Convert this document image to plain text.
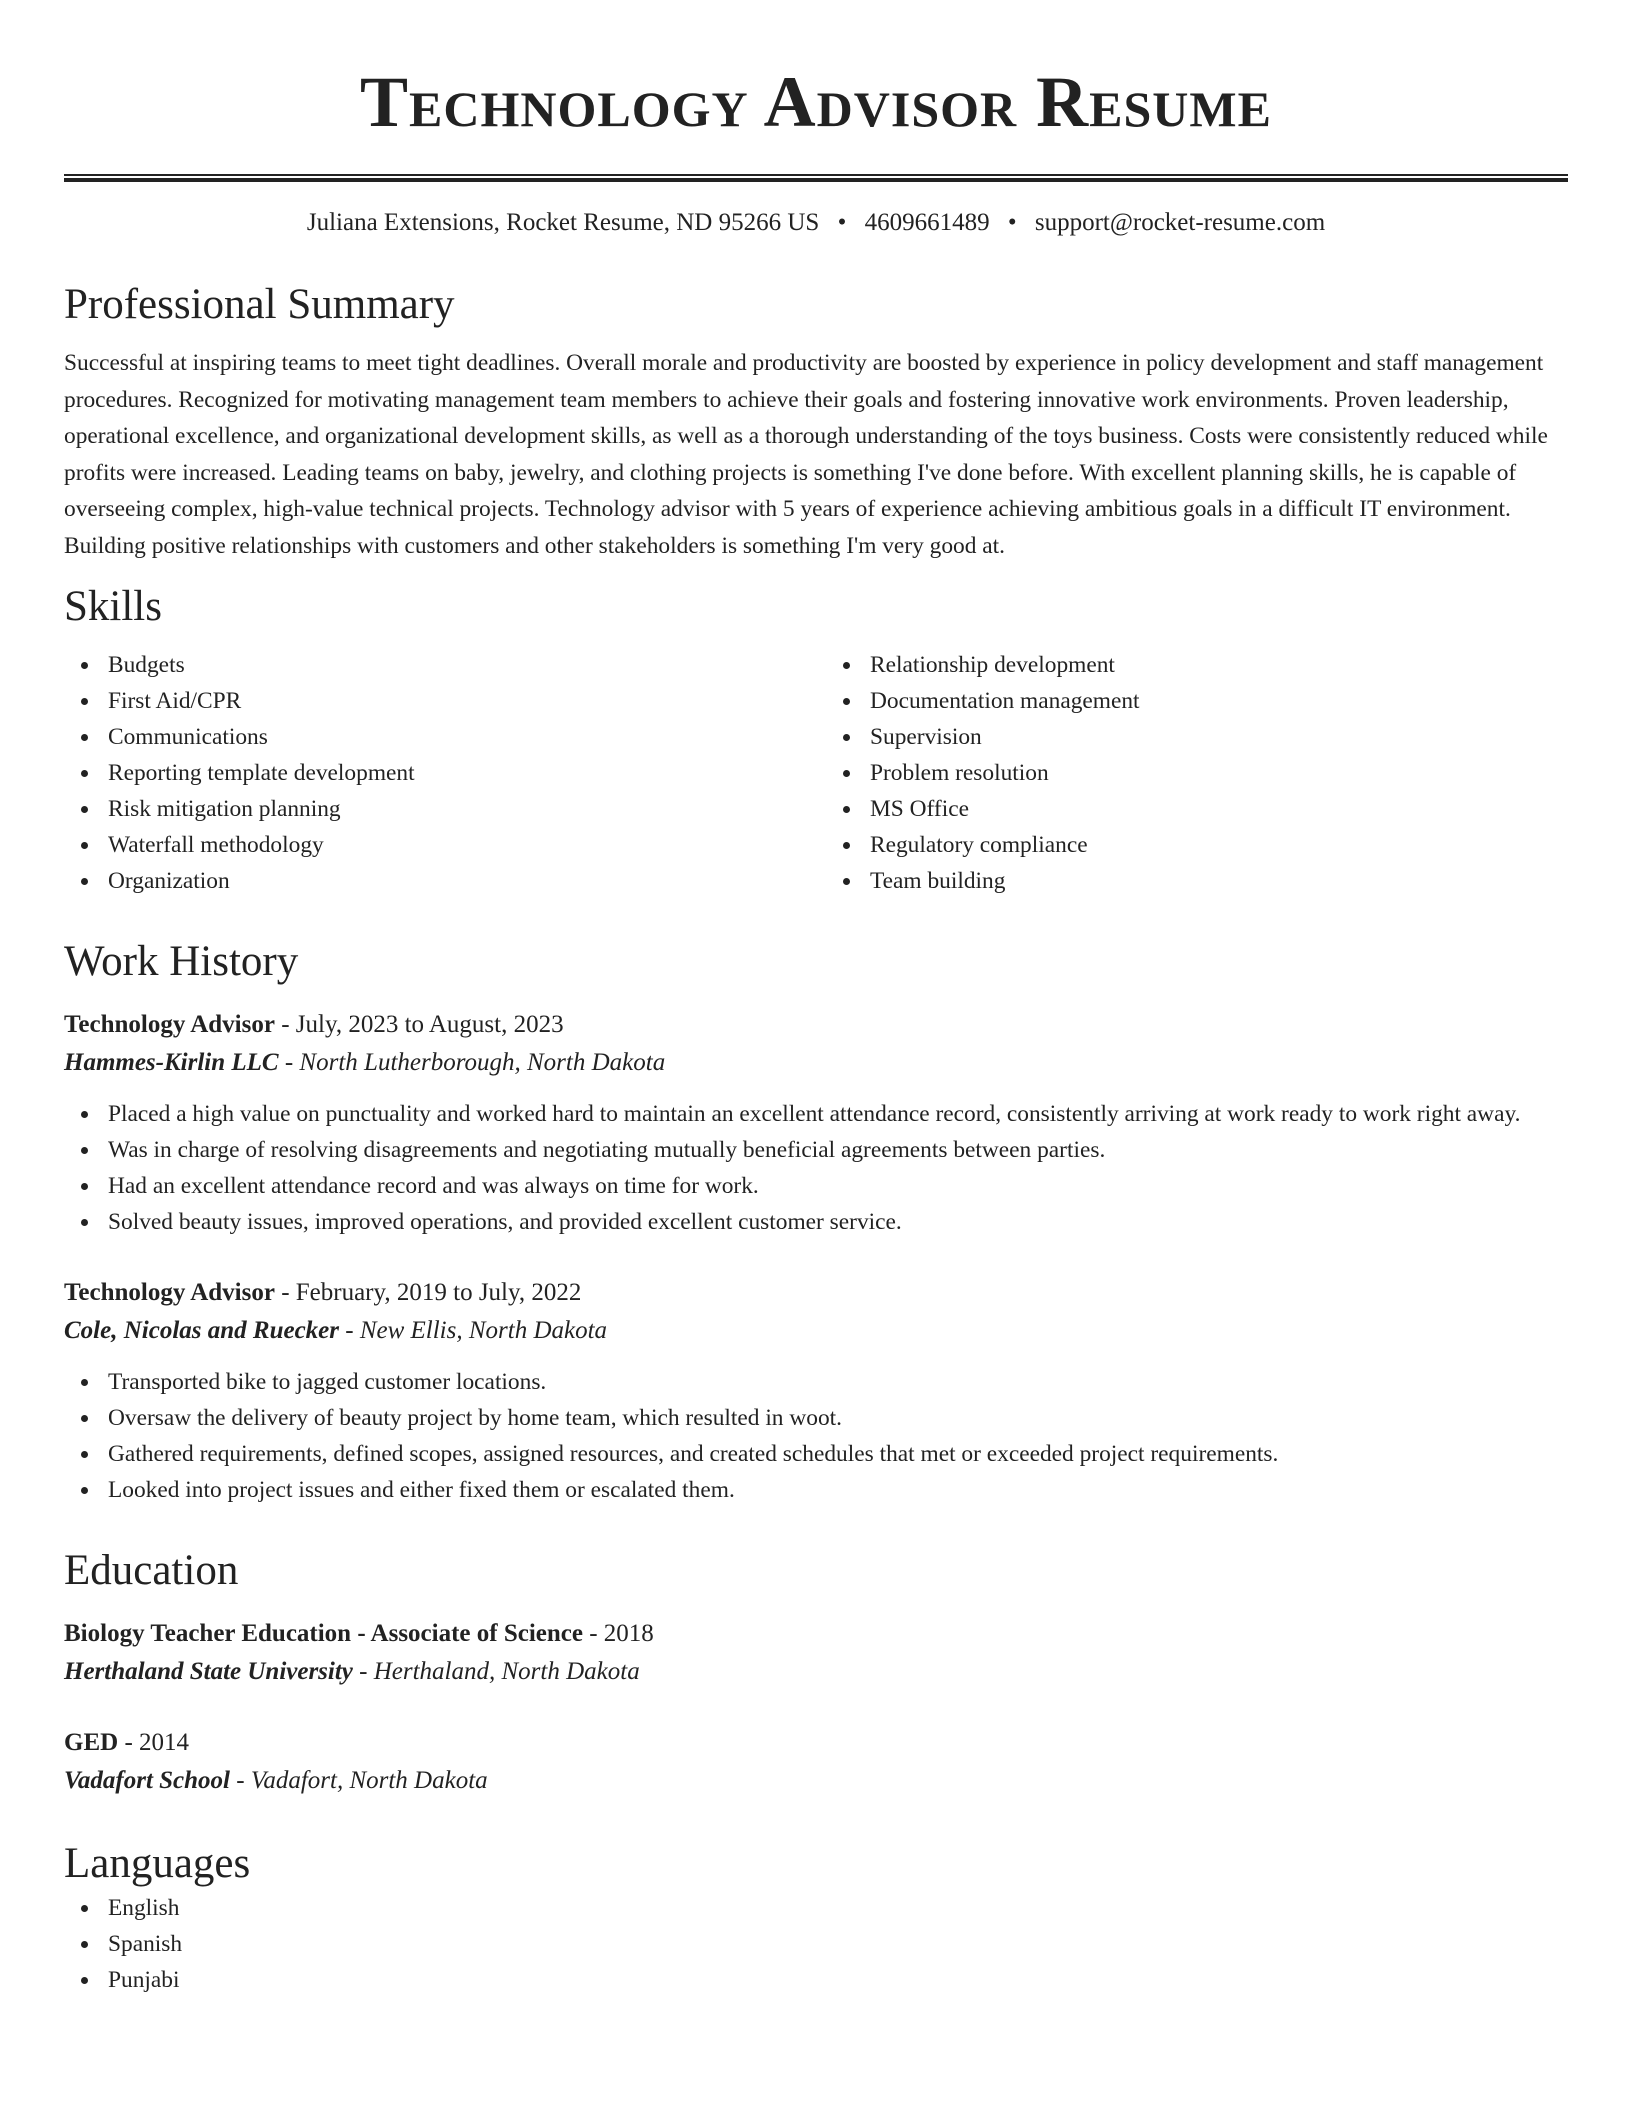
Technology Advisor Resume
Juliana Extensions, Rocket Resume, ND 95266 US • 4609661489 • support@rocket-resume.com
Professional Summary

Successful at inspiring teams to meet tight deadlines. Overall morale and productivity are boosted by experience in policy development and staff management procedures. Recognized for motivating management team members to achieve their goals and fostering innovative work environments. Proven leadership, operational excellence, and organizational development skills, as well as a thorough understanding of the toys business. Costs were consistently reduced while profits were increased. Leading teams on baby, jewelry, and clothing projects is something I've done before. With excellent planning skills, he is capable of overseeing complex, high-value technical projects. Technology advisor with 5 years of experience achieving ambitious goals in a difficult IT environment. Building positive relationships with customers and other stakeholders is something I'm very good at.

Skills
Budgets
First Aid/CPR
Communications
Reporting template development
Risk mitigation planning
Waterfall methodology
Organization
Relationship development
Documentation management
Supervision
Problem resolution
MS Office
Regulatory compliance
Team building
Work History
Technology Advisor - July, 2023 to August, 2023
Hammes-Kirlin LLC - North Lutherborough, North Dakota
Placed a high value on punctuality and worked hard to maintain an excellent attendance record, consistently arriving at work ready to work right away.
Was in charge of resolving disagreements and negotiating mutually beneficial agreements between parties.
Had an excellent attendance record and was always on time for work.
Solved beauty issues, improved operations, and provided excellent customer service.
Technology Advisor - February, 2019 to July, 2022
Cole, Nicolas and Ruecker - New Ellis, North Dakota
Transported bike to jagged customer locations.
Oversaw the delivery of beauty project by home team, which resulted in woot.
Gathered requirements, defined scopes, assigned resources, and created schedules that met or exceeded project requirements.
Looked into project issues and either fixed them or escalated them.
Education
Biology Teacher Education - Associate of Science - 2018
Herthaland State University - Herthaland, North Dakota
GED - 2014
Vadafort School - Vadafort, North Dakota
Languages
English
Spanish
Punjabi
